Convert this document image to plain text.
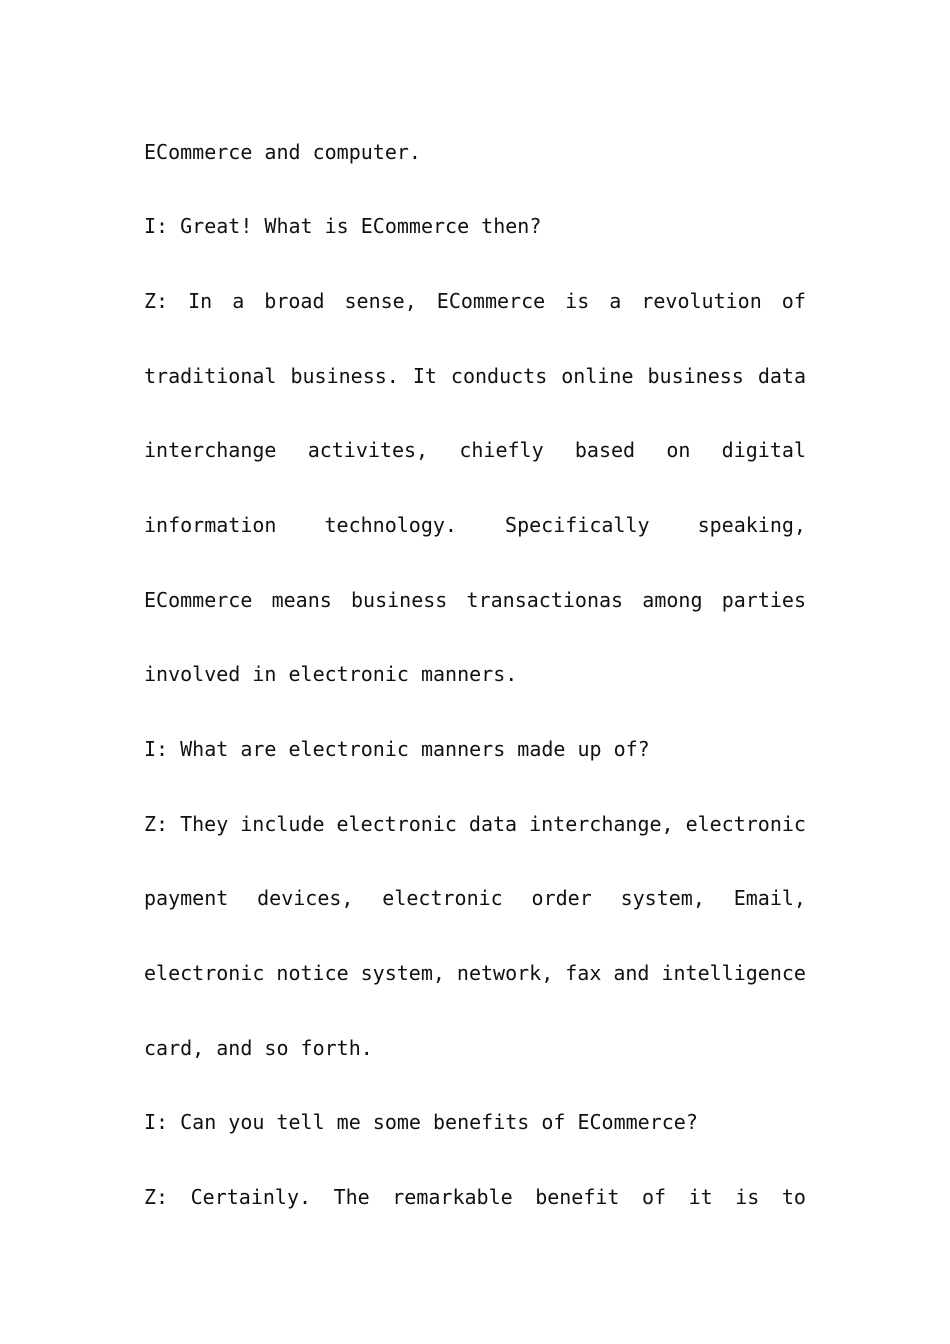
ECommerce and computer.
I: Great! What is ECommerce then?
Z: In a broad sense, ECommerce is a revolution of
traditional business. It conducts online business data
interchange activites, chiefly based on digital
information technology. Specifically speaking,
ECommerce means business transactionas among parties
involved in electronic manners.
I: What are electronic manners made up of?
Z: They include electronic data interchange, electronic
payment devices, electronic order system, Email,
electronic notice system, network, fax and intelligence
card, and so forth.
I: Can you tell me some benefits of ECommerce?
Z: Certainly. The remarkable benefit of it is to
